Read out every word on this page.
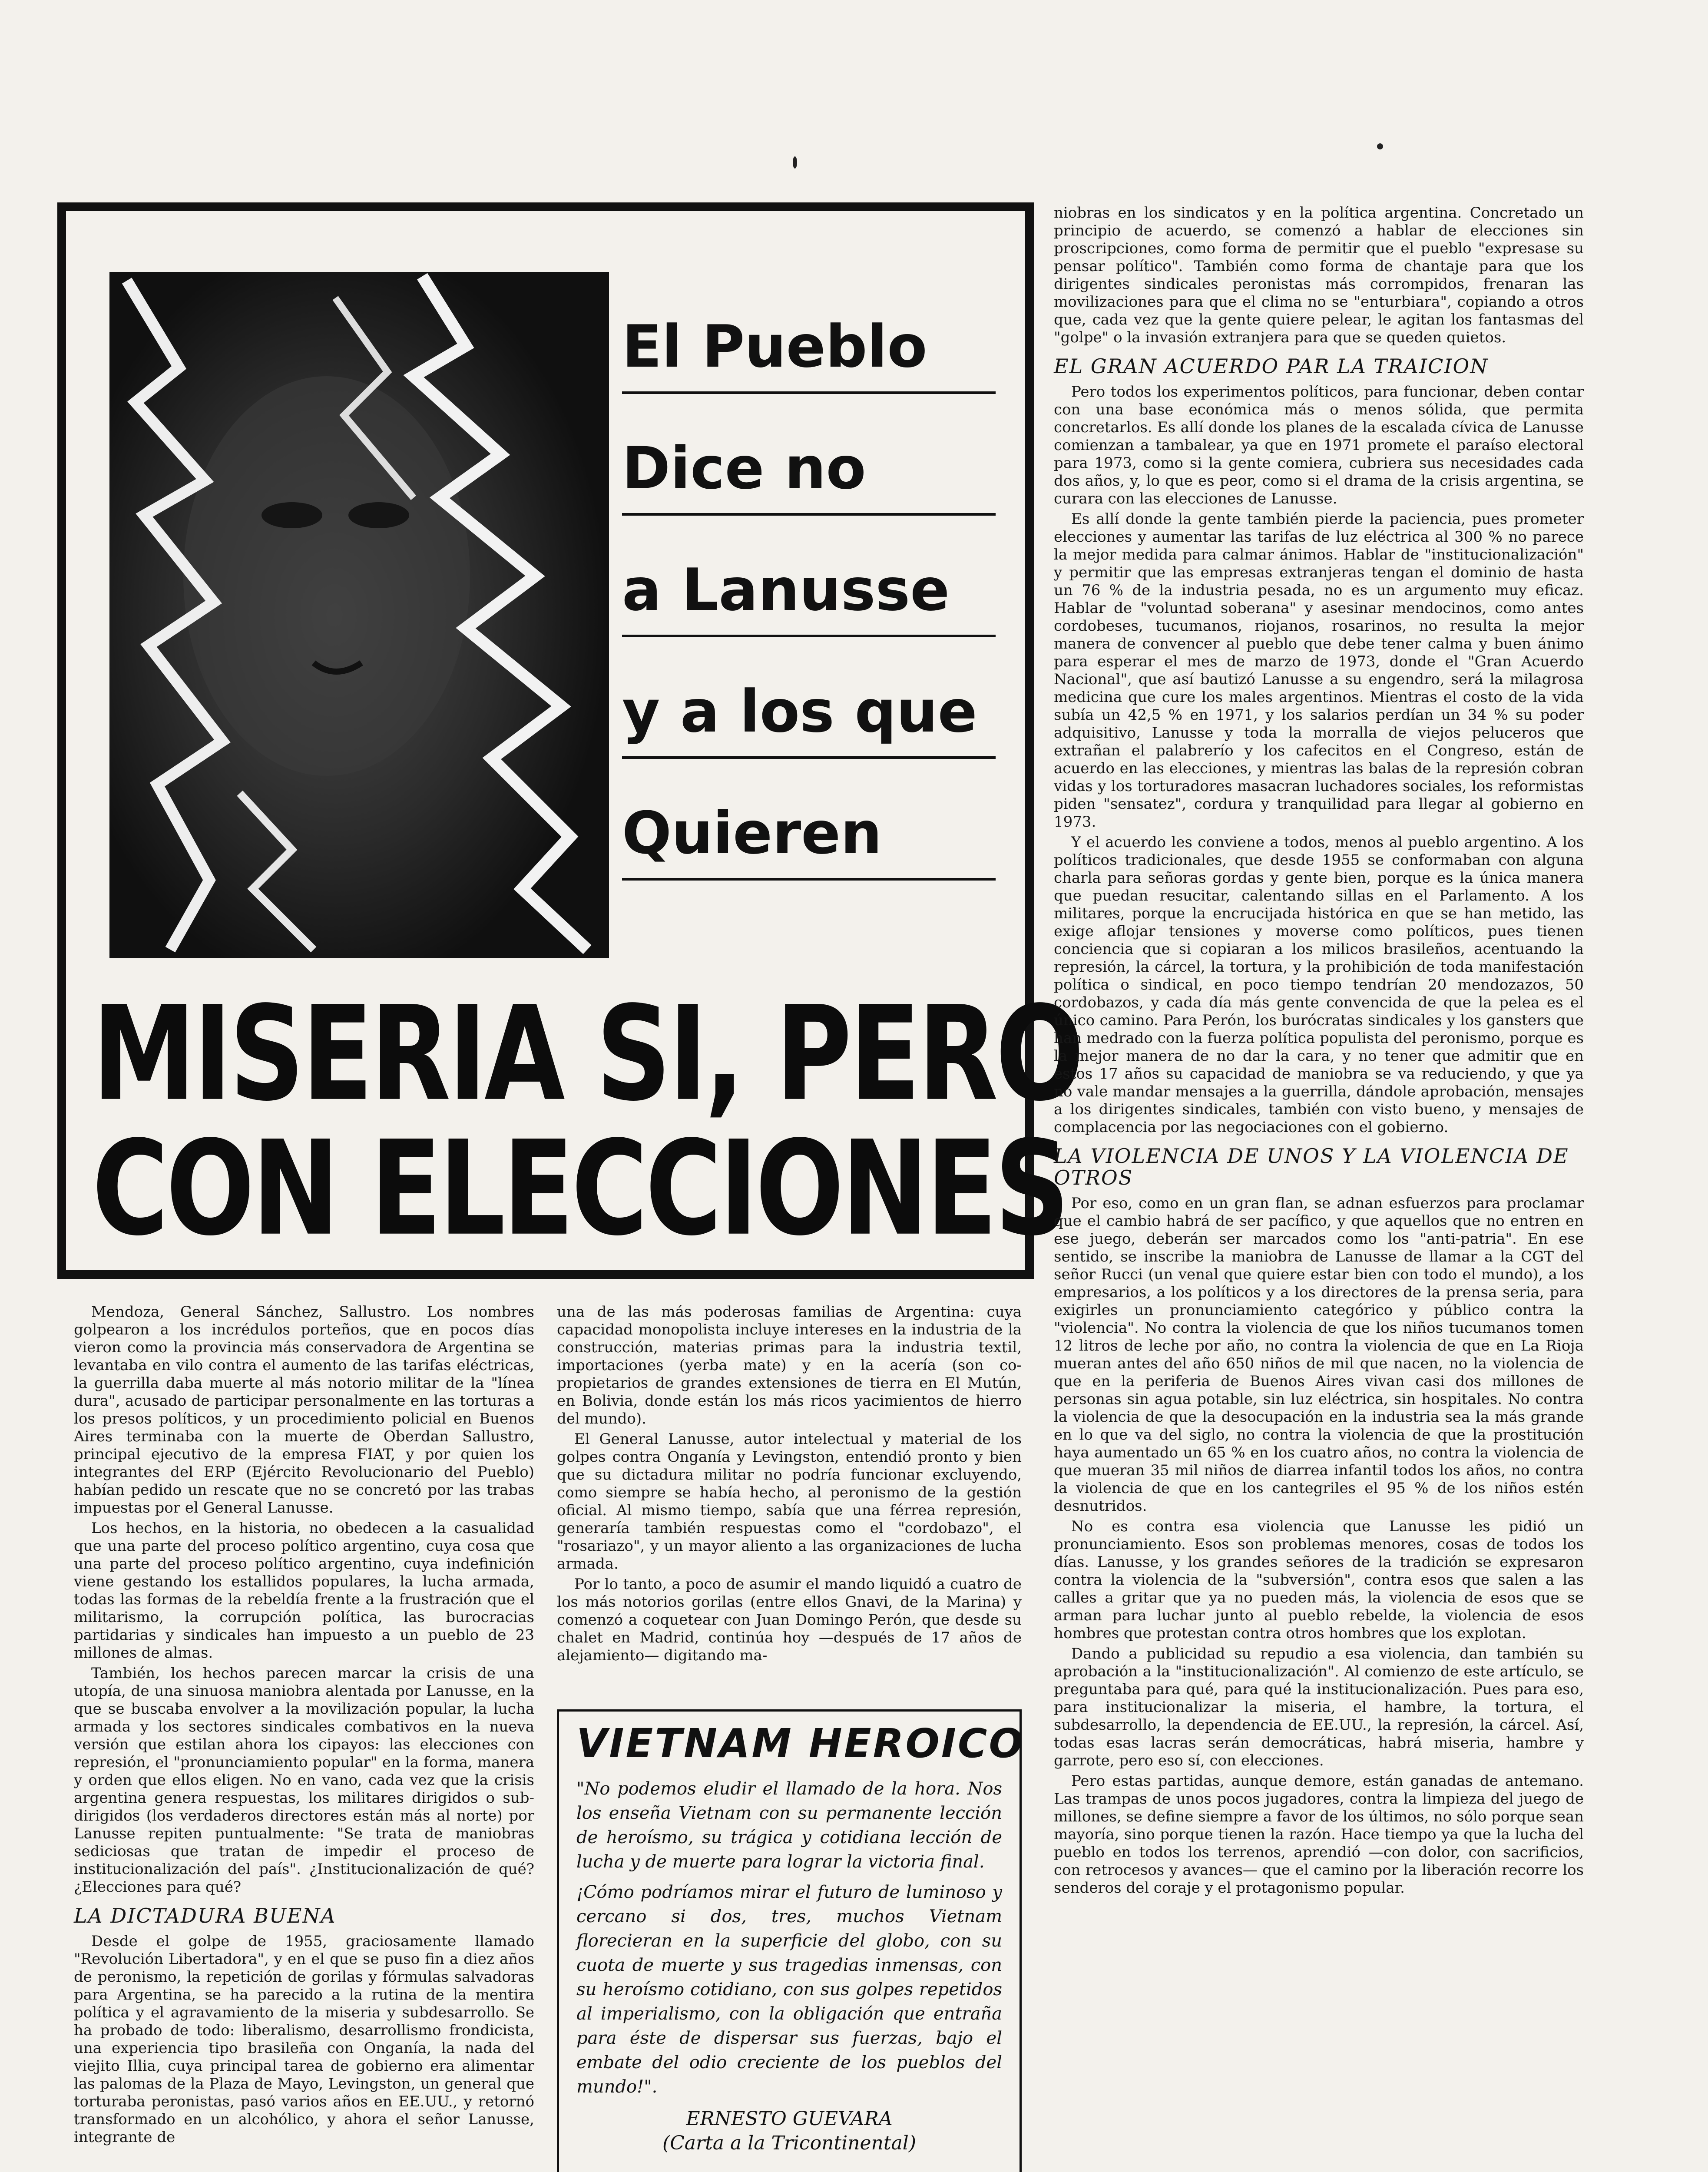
El Pueblo
Dice no
a Lanusse
y a los que
Quieren
MISERIA SI, PERO
CON ELECCIONES

niobras en los sindicatos y en la política argentina. Concretado un principio de acuerdo, se comenzó a hablar de elecciones sin proscripciones, como forma de permitir que el pueblo "expresase su pensar político". También como forma de chantaje para que los dirigentes sindicales peronistas más corrompidos, frenaran las movilizaciones para que el clima no se "enturbiara", copiando a otros que, cada vez que la gente quiere pelear, le agitan los fantasmas del "golpe" o la invasión extranjera para que se queden quietos.

EL GRAN ACUERDO PAR LA TRAICION

Pero todos los experimentos políticos, para funcionar, deben contar con una base económica más o menos sólida, que permita concretarlos. Es allí donde los planes de la escalada cívica de Lanusse comienzan a tambalear, ya que en 1971 promete el paraíso electoral para 1973, como si la gente comiera, cubriera sus necesidades cada dos años, y, lo que es peor, como si el drama de la crisis argentina, se curara con las elecciones de Lanusse.

Es allí donde la gente también pierde la paciencia, pues prometer elecciones y aumentar las tarifas de luz eléctrica al 300 % no parece la mejor medida para calmar ánimos. Hablar de "institucionalización" y permitir que las empresas extranjeras tengan el dominio de hasta un 76 % de la industria pesada, no es un argumento muy eficaz. Hablar de "voluntad soberana" y asesinar mendocinos, como antes cordobeses, tucumanos, riojanos, rosarinos, no resulta la mejor manera de convencer al pueblo que debe tener calma y buen ánimo para esperar el mes de marzo de 1973, donde el "Gran Acuerdo Nacional", que así bautizó Lanusse a su engendro, será la milagrosa medicina que cure los males argentinos. Mientras el costo de la vida subía un 42,5 % en 1971, y los salarios perdían un 34 % su poder adquisitivo, Lanusse y toda la morralla de viejos peluceros que extrañan el palabrerío y los cafecitos en el Congreso, están de acuerdo en las elecciones, y mientras las balas de la represión cobran vidas y los torturadores masacran luchadores sociales, los reformistas piden "sensatez", cordura y tranquilidad para llegar al gobierno en 1973.

Y el acuerdo les conviene a todos, menos al pueblo argentino. A los políticos tradicionales, que desde 1955 se conformaban con alguna charla para señoras gordas y gente bien, porque es la única manera que puedan resucitar, calentando sillas en el Parlamento. A los militares, porque la encrucijada histórica en que se han metido, las exige aflojar tensiones y moverse como políticos, pues tienen conciencia que si copiaran a los milicos brasileños, acentuando la represión, la cárcel, la tortura, y la prohibición de toda manifestación política o sindical, en poco tiempo tendrían 20 mendozazos, 50 cordobazos, y cada día más gente convencida de que la pelea es el único camino. Para Perón, los burócratas sindicales y los gansters que han medrado con la fuerza política populista del peronismo, porque es la mejor manera de no dar la cara, y no tener que admitir que en estos 17 años su capacidad de maniobra se va reduciendo, y que ya no vale mandar mensajes a la guerrilla, dándole aprobación, mensajes a los dirigentes sindicales, también con visto bueno, y mensajes de complacencia por las negociaciones con el gobierno.

LA VIOLENCIA DE UNOS Y LA VIOLENCIA DE OTROS

Por eso, como en un gran flan, se adnan esfuerzos para proclamar que el cambio habrá de ser pacífico, y que aquellos que no entren en ese juego, deberán ser marcados como los "anti-patria". En ese sentido, se inscribe la maniobra de Lanusse de llamar a la CGT del señor Rucci (un venal que quiere estar bien con todo el mundo), a los empresarios, a los políticos y a los directores de la prensa seria, para exigirles un pronunciamiento categórico y público contra la "violencia". No contra la violencia de que los niños tucumanos tomen 12 litros de leche por año, no contra la violencia de que en La Rioja mueran antes del año 650 niños de mil que nacen, no la violencia de que en la periferia de Buenos Aires vivan casi dos millones de personas sin agua potable, sin luz eléctrica, sin hospitales. No contra la violencia de que la desocupación en la industria sea la más grande en lo que va del siglo, no contra la violencia de que la prostitución haya aumentado un 65 % en los cuatro años, no contra la violencia de que mueran 35 mil niños de diarrea infantil todos los años, no contra la violencia de que en los cantegriles el 95 % de los niños estén desnutridos.

No es contra esa violencia que Lanusse les pidió un pronunciamiento. Esos son problemas menores, cosas de todos los días. Lanusse, y los grandes señores de la tradición se expresaron contra la violencia de la "subversión", contra esos que salen a las calles a gritar que ya no pueden más, la violencia de esos que se arman para luchar junto al pueblo rebelde, la violencia de esos hombres que protestan contra otros hombres que los explotan.

Dando a publicidad su repudio a esa violencia, dan también su aprobación a la "institucionalización". Al comienzo de este artículo, se preguntaba para qué, para qué la institucionalización. Pues para eso, para institucionalizar la miseria, el hambre, la tortura, el subdesarrollo, la dependencia de EE.UU., la represión, la cárcel. Así, todas esas lacras serán democráticas, habrá miseria, hambre y garrote, pero eso sí, con elecciones.

Pero estas partidas, aunque demore, están ganadas de antemano. Las trampas de unos pocos jugadores, contra la limpieza del juego de millones, se define siempre a favor de los últimos, no sólo porque sean mayoría, sino porque tienen la razón. Hace tiempo ya que la lucha del pueblo en todos los terrenos, aprendió —con dolor, con sacrificios, con retrocesos y avances— que el camino por la liberación recorre los senderos del coraje y el protagonismo popular.

Mendoza, General Sánchez, Sallustro. Los nombres golpearon a los incrédulos porteños, que en pocos días vieron como la provincia más conservadora de Argentina se levantaba en vilo contra el aumento de las tarifas eléctricas, la guerrilla daba muerte al más notorio militar de la "línea dura", acusado de participar personalmente en las torturas a los presos políticos, y un procedimiento policial en Buenos Aires terminaba con la muerte de Oberdan Sallustro, principal ejecutivo de la empresa FIAT, y por quien los integrantes del ERP (Ejército Revolucionario del Pueblo) habían pedido un rescate que no se concretó por las trabas impuestas por el General Lanusse.

Los hechos, en la historia, no obedecen a la casualidad que una parte del proceso político argentino, cuya cosa que una parte del proceso político argentino, cuya indefinición viene gestando los estallidos populares, la lucha armada, todas las formas de la rebeldía frente a la frustración que el militarismo, la corrupción política, las burocracias partidarias y sindicales han impuesto a un pueblo de 23 millones de almas.

También, los hechos parecen marcar la crisis de una utopía, de una sinuosa maniobra alentada por Lanusse, en la que se buscaba envolver a la movilización popular, la lucha armada y los sectores sindicales combativos en la nueva versión que estilan ahora los cipayos: las elecciones con represión, el "pronunciamiento popular" en la forma, manera y orden que ellos eligen. No en vano, cada vez que la crisis argentina genera respuestas, los militares dirigidos o sub-dirigidos (los verdaderos directores están más al norte) por Lanusse repiten puntualmente: "Se trata de maniobras sediciosas que tratan de impedir el proceso de institucionalización del país". ¿Institucionalización de qué? ¿Elecciones para qué?

LA DICTADURA BUENA

Desde el golpe de 1955, graciosamente llamado "Revolución Libertadora", y en el que se puso fin a diez años de peronismo, la repetición de gorilas y fórmulas salvadoras para Argentina, se ha parecido a la rutina de la mentira política y el agravamiento de la miseria y subdesarrollo. Se ha probado de todo: liberalismo, desarrollismo frondicista, una experiencia tipo brasileña con Onganía, la nada del viejito Illia, cuya principal tarea de gobierno era alimentar las palomas de la Plaza de Mayo, Levingston, un general que torturaba peronistas, pasó varios años en EE.UU., y retornó transformado en un alcohólico, y ahora el señor Lanusse, integrante de

una de las más poderosas familias de Argentina: cuya capacidad monopolista incluye intereses en la industria de la construcción, materias primas para la industria textil, importaciones (yerba mate) y en la acería (son co-propietarios de grandes extensiones de tierra en El Mutún, en Bolivia, donde están los más ricos yacimientos de hierro del mundo).

El General Lanusse, autor intelectual y material de los golpes contra Onganía y Levingston, entendió pronto y bien que su dictadura militar no podría funcionar excluyendo, como siempre se había hecho, al peronismo de la gestión oficial. Al mismo tiempo, sabía que una férrea represión, generaría también respuestas como el "cordobazo", el "rosariazo", y un mayor aliento a las organizaciones de lucha armada.

Por lo tanto, a poco de asumir el mando liquidó a cuatro de los más notorios gorilas (entre ellos Gnavi, de la Marina) y comenzó a coquetear con Juan Domingo Perón, que desde su chalet en Madrid, continúa hoy —después de 17 años de alejamiento— digitando ma-

VIETNAM HEROICO

"No podemos eludir el llamado de la hora. Nos los enseña Vietnam con su permanente lección de heroísmo, su trágica y cotidiana lección de lucha y de muerte para lograr la victoria final.

¡Cómo podríamos mirar el futuro de luminoso y cercano si dos, tres, muchos Vietnam florecieran en la superficie del globo, con su cuota de muerte y sus tragedias inmensas, con su heroísmo cotidiano, con sus golpes repetidos al imperialismo, con la obligación que entraña para éste de dispersar sus fuerzas, bajo el embate del odio creciente de los pueblos del mundo!".

ERNESTO GUEVARA
(Carta a la Tricontinental)
